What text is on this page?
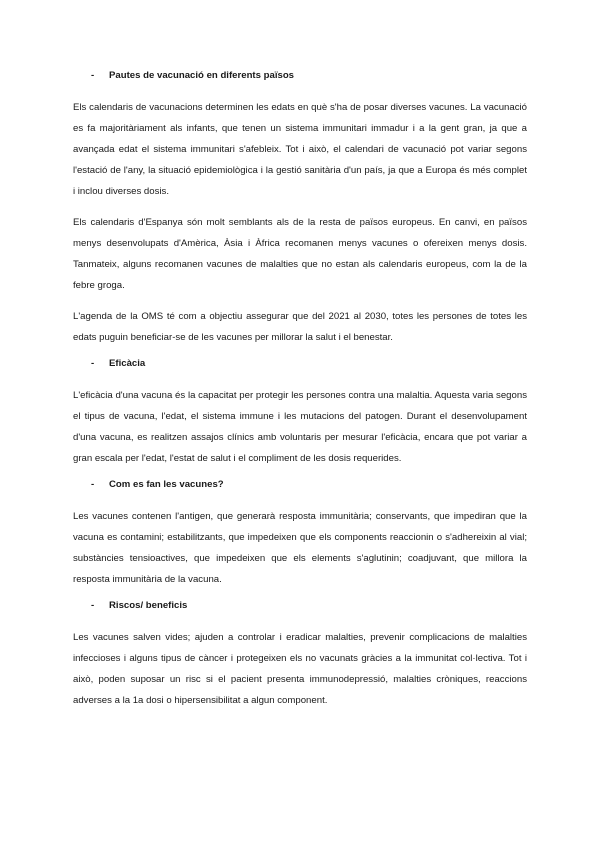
-	Pautes de vacunació en diferents països

Els calendaris de vacunacions determinen les edats en què s'ha de posar diverses vacunes. La vacunació es fa majoritàriament als infants, que tenen un sistema immunitari immadur i a la gent gran, ja que a avançada edat el sistema immunitari s'afebleix. Tot i això, el calendari de vacunació pot variar segons l'estació de l'any, la situació epidemiològica i la gestió sanitària d'un país, ja que a Europa és més complet i inclou diverses dosis.

Els calendaris d'Espanya són molt semblants als de la resta de països europeus. En canvi, en països menys desenvolupats d'Amèrica, Àsia i Àfrica recomanen menys vacunes o ofereixen menys dosis. Tanmateix, alguns recomanen vacunes de malalties que no estan als calendaris europeus, com la de la febre groga.

L'agenda de la OMS té com a objectiu assegurar que del 2021 al 2030, totes les persones de totes les edats puguin beneficiar-se de les vacunes per millorar la salut i el benestar.

-	Eficàcia

L'eficàcia d'una vacuna és la capacitat per protegir les persones contra una malaltia. Aquesta varia segons el tipus de vacuna, l'edat, el sistema immune i les mutacions del patogen. Durant el desenvolupament d'una vacuna, es realitzen assajos clínics amb voluntaris per mesurar l'eficàcia, encara que pot variar a gran escala per l'edat, l'estat de salut i el compliment de les dosis requerides.

-	Com es fan les vacunes?

Les vacunes contenen l'antigen, que generarà resposta immunitària; conservants, que impediran que la vacuna es contamini; estabilitzants, que impedeixen que els components reaccionin o s'adhereixin al vial; substàncies tensioactives, que impedeixen que els elements s'aglutinin; coadjuvant, que millora la resposta immunitària de la vacuna.

-	Riscos/ beneficis

Les vacunes salven vides; ajuden a controlar i eradicar malalties, prevenir complicacions de malalties infeccioses i alguns tipus de càncer i protegeixen els no vacunats gràcies a la immunitat col·lectiva. Tot i això, poden suposar un risc si el pacient presenta immunodepressió, malalties cròniques, reaccions adverses a la 1a dosi o hipersensibilitat a algun component.
